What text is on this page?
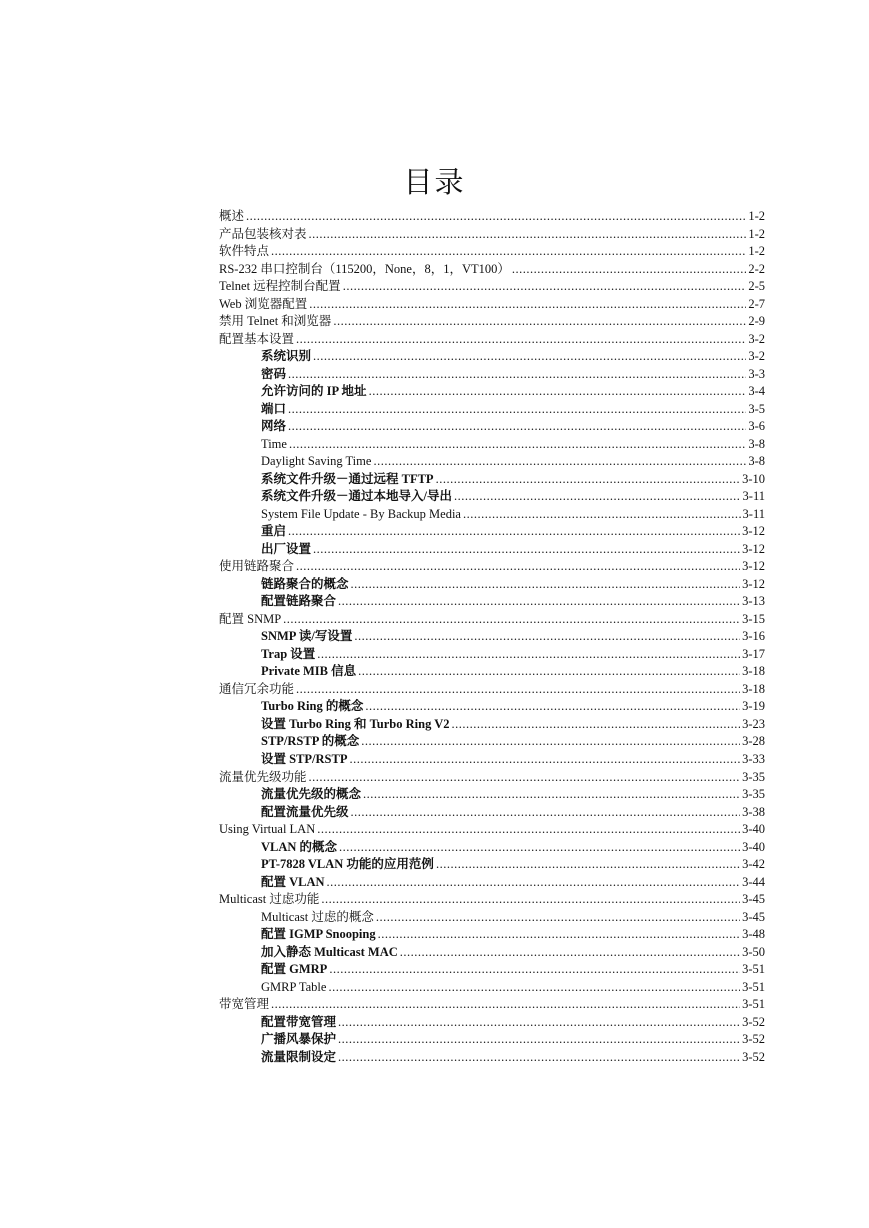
目录
概述 .....	1-2
产品包装核对表 .....	1-2
软件特点 .....	1-2
RS-232 串口控制台（115200，None，8，1，VT100） .....	2-2
Telnet 远程控制台配置 .....	2-5
Web 浏览器配置 .....	2-7
禁用 Telnet 和浏览器 .....	2-9
配置基本设置 .....	3-2
系统识别 .....	3-2
密码 .....	3-3
允许访问的 IP 地址 .....	3-4
端口 .....	3-5
网络 .....	3-6
Time .....	3-8
Daylight Saving Time .....	3-8
系统文件升级－通过远程 TFTP .....	3-10
系统文件升级－通过本地导入/导出 .....	3-11
System File Update - By Backup Media .....	3-11
重启 .....	3-12
出厂设置 .....	3-12
使用链路聚合 .....	3-12
链路聚合的概念 .....	3-12
配置链路聚合 .....	3-13
配置 SNMP .....	3-15
SNMP 读/写设置 .....	3-16
Trap 设置 .....	3-17
Private MIB 信息 .....	3-18
通信冗余功能 .....	3-18
Turbo Ring 的概念 .....	3-19
设置 Turbo Ring 和 Turbo Ring V2 .....	3-23
STP/RSTP 的概念 .....	3-28
设置 STP/RSTP .....	3-33
流量优先级功能 .....	3-35
流量优先级的概念 .....	3-35
配置流量优先级 .....	3-38
Using Virtual LAN .....	3-40
VLAN 的概念 .....	3-40
PT-7828 VLAN 功能的应用范例 .....	3-42
配置 VLAN .....	3-44
Multicast 过虑功能 .....	3-45
Multicast 过虑的概念 .....	3-45
配置 IGMP Snooping .....	3-48
加入静态 Multicast MAC .....	3-50
配置 GMRP .....	3-51
GMRP Table .....	3-51
带宽管理 .....	3-51
配置带宽管理 .....	3-52
广播风暴保护 .....	3-52
流量限制设定 .....	3-52
